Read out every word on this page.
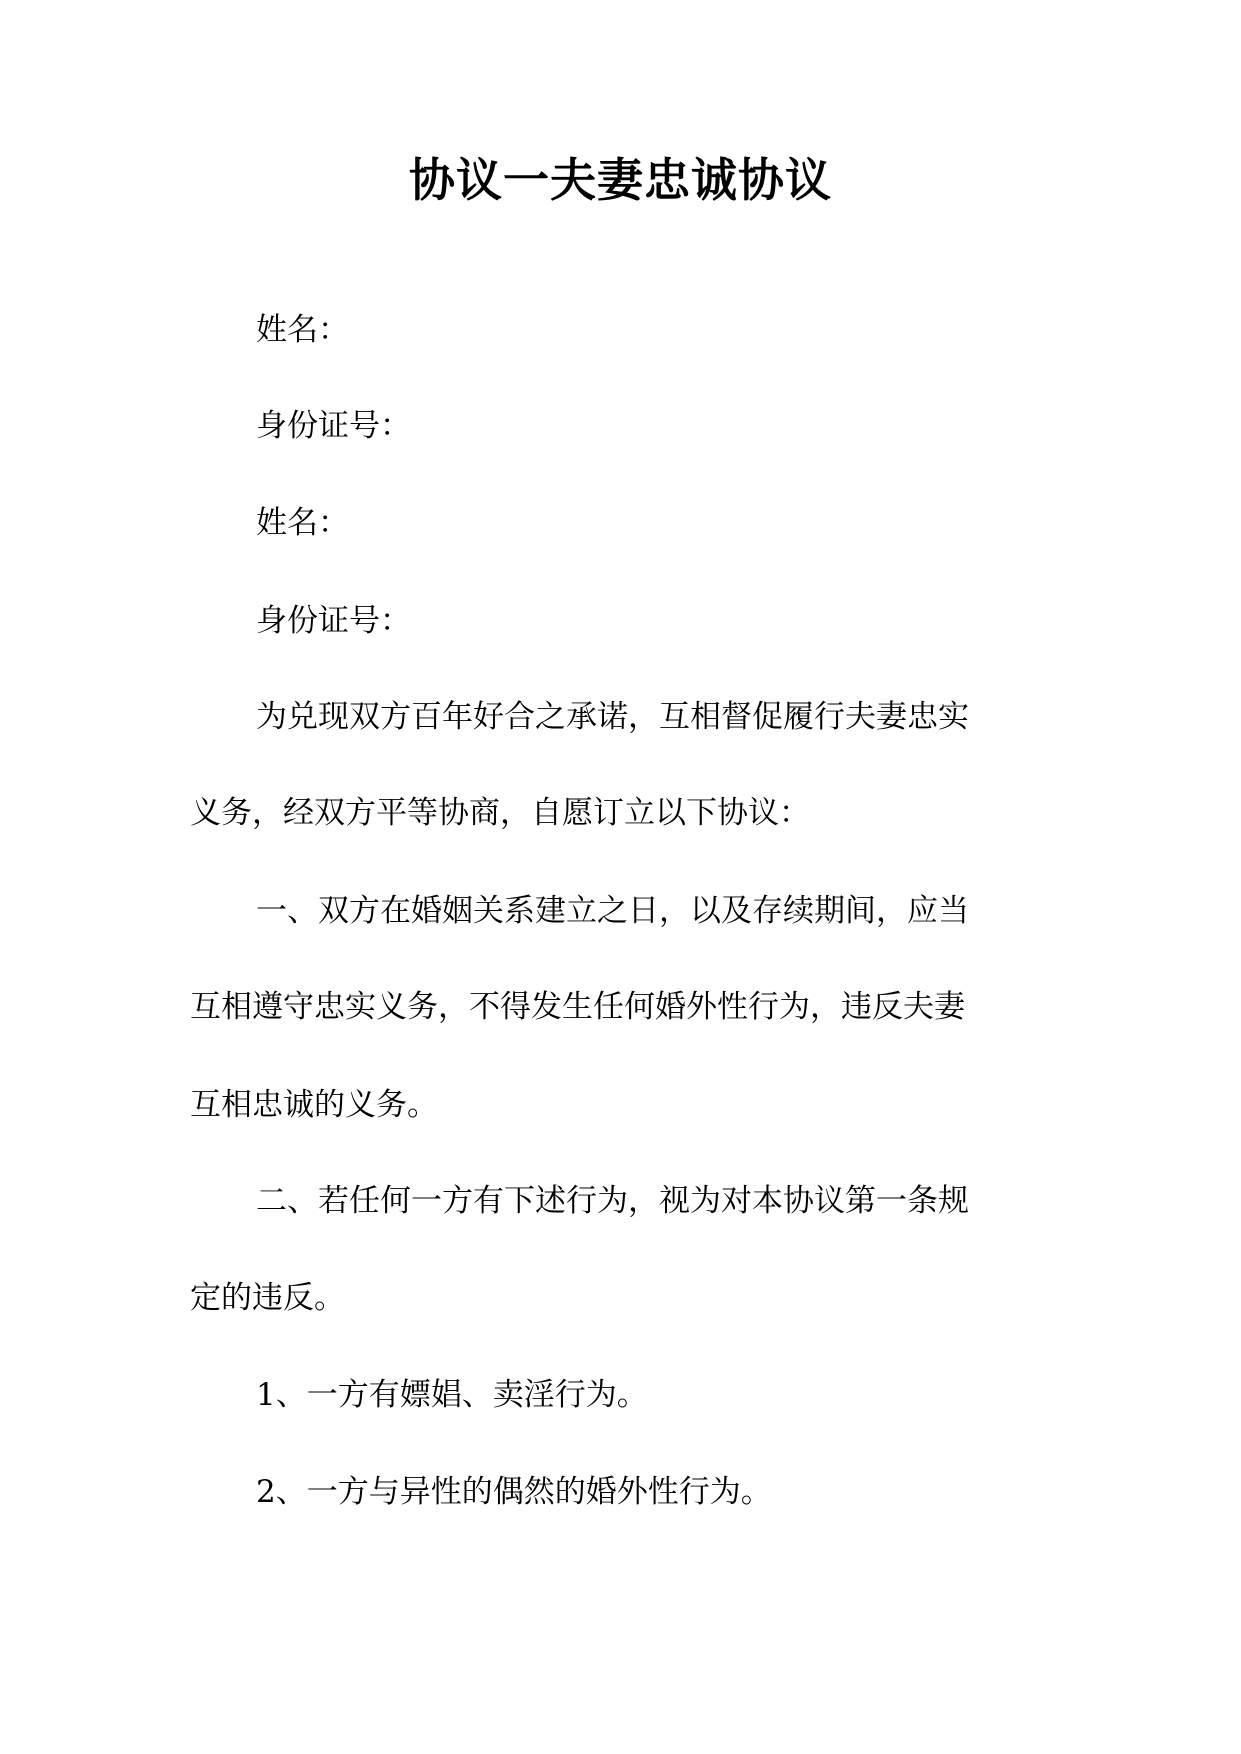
协议一夫妻忠诚协议
姓名：
身份证号：
姓名：
身份证号：
为兑现双方百年好合之承诺，互相督促履行夫妻忠实
义务，经双方平等协商，自愿订立以下协议：
一、双方在婚姻关系建立之日，以及存续期间，应当
互相遵守忠实义务，不得发生任何婚外性行为，违反夫妻
互相忠诚的义务。
二、若任何一方有下述行为，视为对本协议第一条规
定的违反。
1、一方有嫖娼、卖淫行为。
2、一方与异性的偶然的婚外性行为。
